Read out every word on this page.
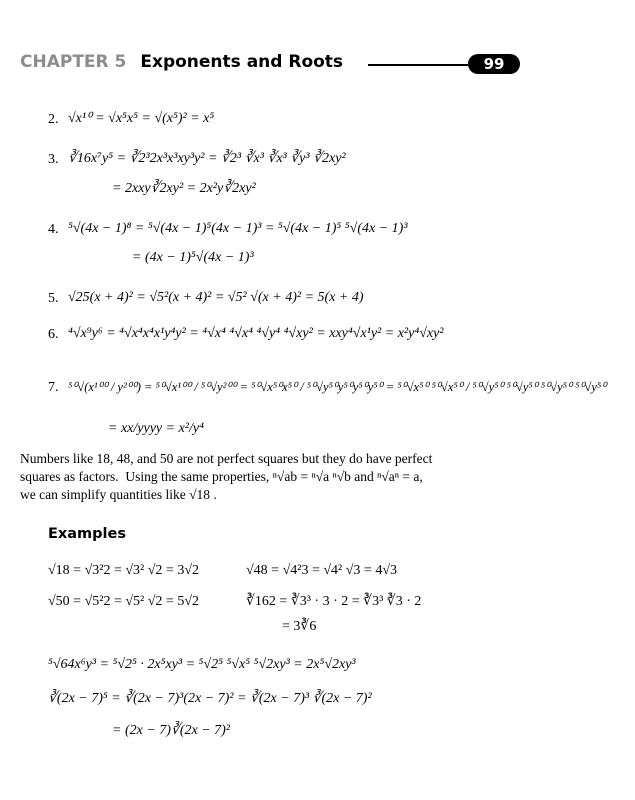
CHAPTER 5 Exponents and Roots	99
2. √x¹⁰ = √x⁵x⁵ = √(x⁵)² = x⁵
3. ∛16x⁷y⁵ = ∛2³2x³x³xy³y² = ∛2³ ∛x³ ∛x³ ∛y³ ∛2xy²
= 2xxy∛2xy² = 2x²y∛2xy²
4. ⁵√(4x − 1)⁸ = ⁵√(4x − 1)⁵(4x − 1)³ = ⁵√(4x − 1)⁵ ⁵√(4x − 1)³
= (4x − 1)⁵√(4x − 1)³
5. √25(x + 4)² = √5²(x + 4)² = √5² √(x + 4)² = 5(x + 4)
6. ⁴√x⁹y⁶ = ⁴√x⁴x⁴x¹y⁴y² = ⁴√x⁴ ⁴√x⁴ ⁴√y⁴ ⁴√xy² = xxy⁴√x¹y² = x²y⁴√xy²
7. ⁵⁰√(x¹⁰⁰ / y²⁰⁰) = ⁵⁰√x¹⁰⁰ / ⁵⁰√y²⁰⁰ = ⁵⁰√x⁵⁰x⁵⁰ / ⁵⁰√y⁵⁰y⁵⁰y⁵⁰y⁵⁰ = ⁵⁰√x⁵⁰ ⁵⁰√x⁵⁰ / ⁵⁰√y⁵⁰ ⁵⁰√y⁵⁰ ⁵⁰√y⁵⁰ ⁵⁰√y⁵⁰
= xx/yyyy = x²/y⁴
Numbers like 18, 48, and 50 are not perfect squares but they do have perfect
squares as factors.  Using the same properties, ⁿ√ab = ⁿ√a ⁿ√b and ⁿ√aⁿ = a,
we can simplify quantities like √18 .
Examples
√18 = √3²2 = √3² √2 = 3√2	√48 = √4²3 = √4² √3 = 4√3
√50 = √5²2 = √5² √2 = 5√2	∛162 = ∛3³ · 3 · 2 = ∛3³ ∛3 · 2
= 3∛6
⁵√64x⁶y³ = ⁵√2⁵ · 2x⁵xy³ = ⁵√2⁵ ⁵√x⁵ ⁵√2xy³ = 2x⁵√2xy³
∛(2x − 7)⁵ = ∛(2x − 7)³(2x − 7)² = ∛(2x − 7)³ ∛(2x − 7)²
= (2x − 7)∛(2x − 7)²
